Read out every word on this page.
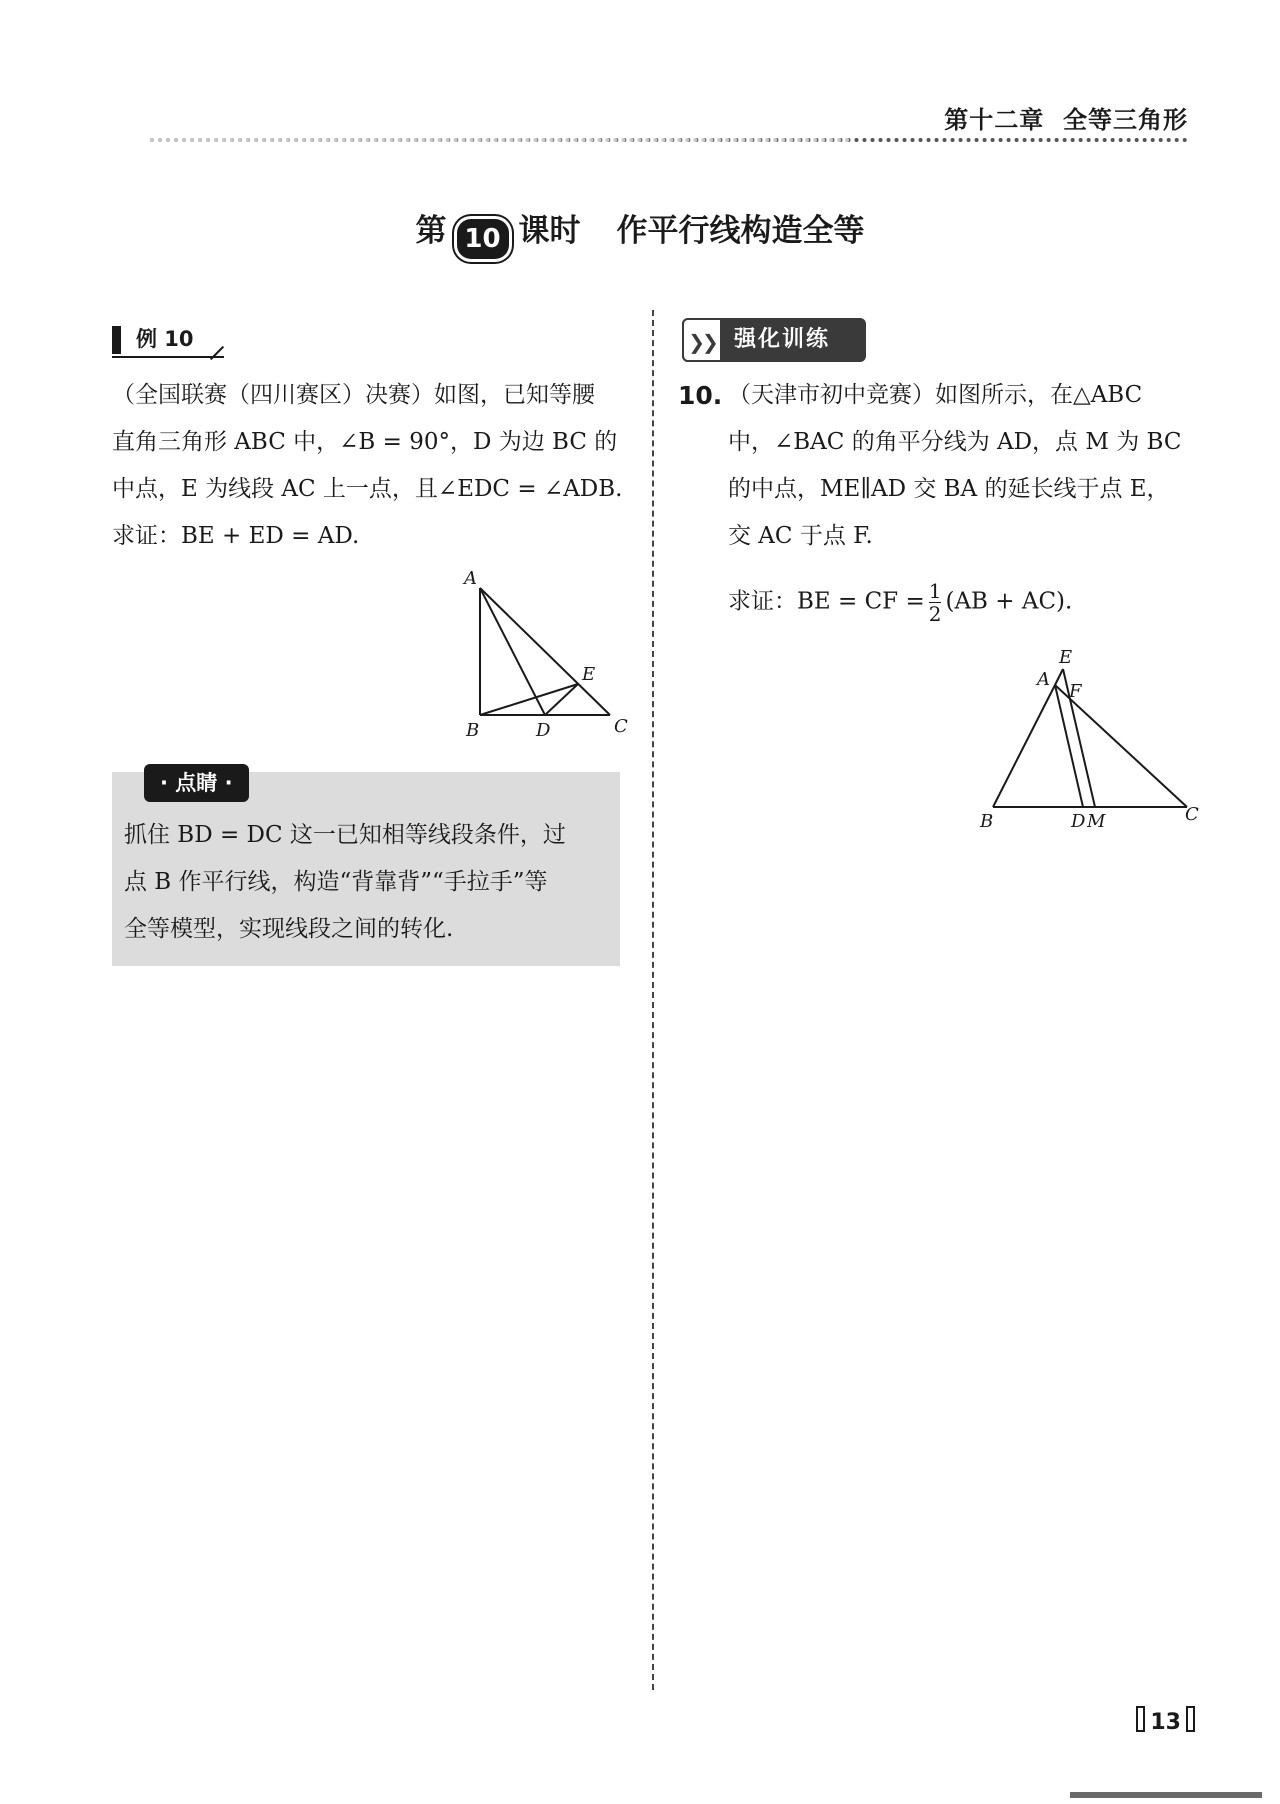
第十二章 全等三角形
第 10 课时 作平行线构造全等
例 10
（全国联赛（四川赛区）决赛）如图，已知等腰
直角三角形 ABC 中，∠B = 90°，D 为边 BC 的
中点，E 为线段 AC 上一点，且∠EDC = ∠ADB.
求证：BE + ED = AD.
A
B	C
D
E
· 点睛 ·
抓住 BD = DC 这一已知相等线段条件，过
点 B 作平行线，构造“背靠背”“手拉手”等
全等模型，实现线段之间的转化.
❯❯ 强化训练
10. （天津市初中竞赛）如图所示，在△ABC
中，∠BAC 的角平分线为 AD，点 M 为 BC
的中点，ME∥AD 交 BA 的延长线于点 E，
交 AC 于点 F.
求证：BE = CF = $\frac{1}{2} (AB + AC)$.
E
A
F
B	D M	C
13
